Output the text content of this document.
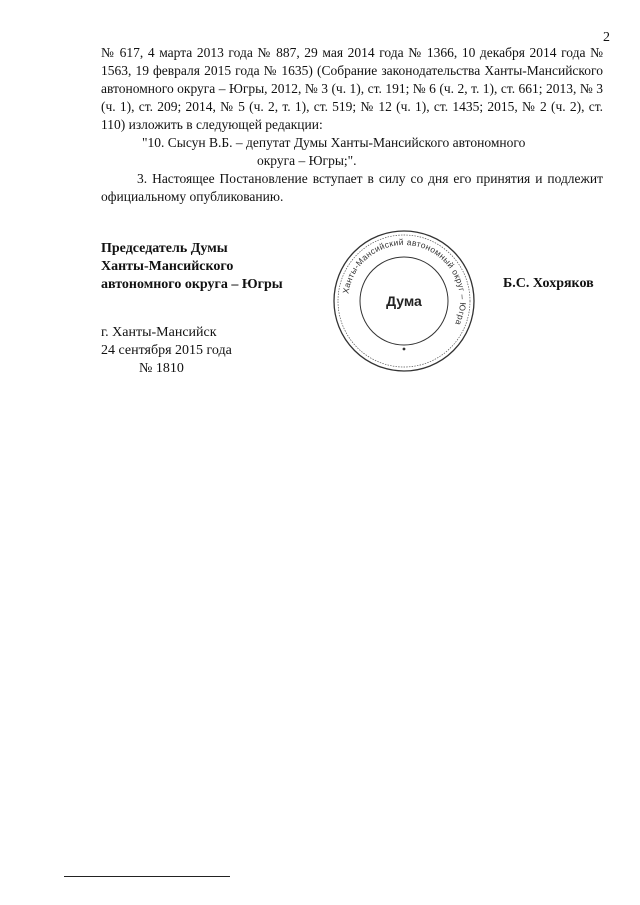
2
№ 617, 4 марта 2013 года № 887, 29 мая 2014 года № 1366, 10 декабря 2014 года № 1563, 19 февраля 2015 года № 1635) (Собрание законодательства Ханты-Мансийского автономного округа – Югры, 2012, № 3 (ч. 1), ст. 191; № 6 (ч. 2, т. 1), ст. 661; 2013, № 3 (ч. 1), ст. 209; 2014, № 5 (ч. 2, т. 1), ст. 519; № 12 (ч. 1), ст. 1435; 2015, № 2 (ч. 2), ст. 110) изложить в следующей редакции:
"10. Сысун В.Б. – депутат Думы Ханты-Мансийского автономного
округа – Югры;".
3. Настоящее Постановление вступает в силу со дня его принятия и подлежит официальному опубликованию.
Председатель Думы
Ханты-Мансийского
автономного округа – Югры	Ханты-Мансийский автономный округ – Югра
Дума
Б.С. Хохряков
г. Ханты-Мансийск
24 сентября 2015 года
№ 1810
